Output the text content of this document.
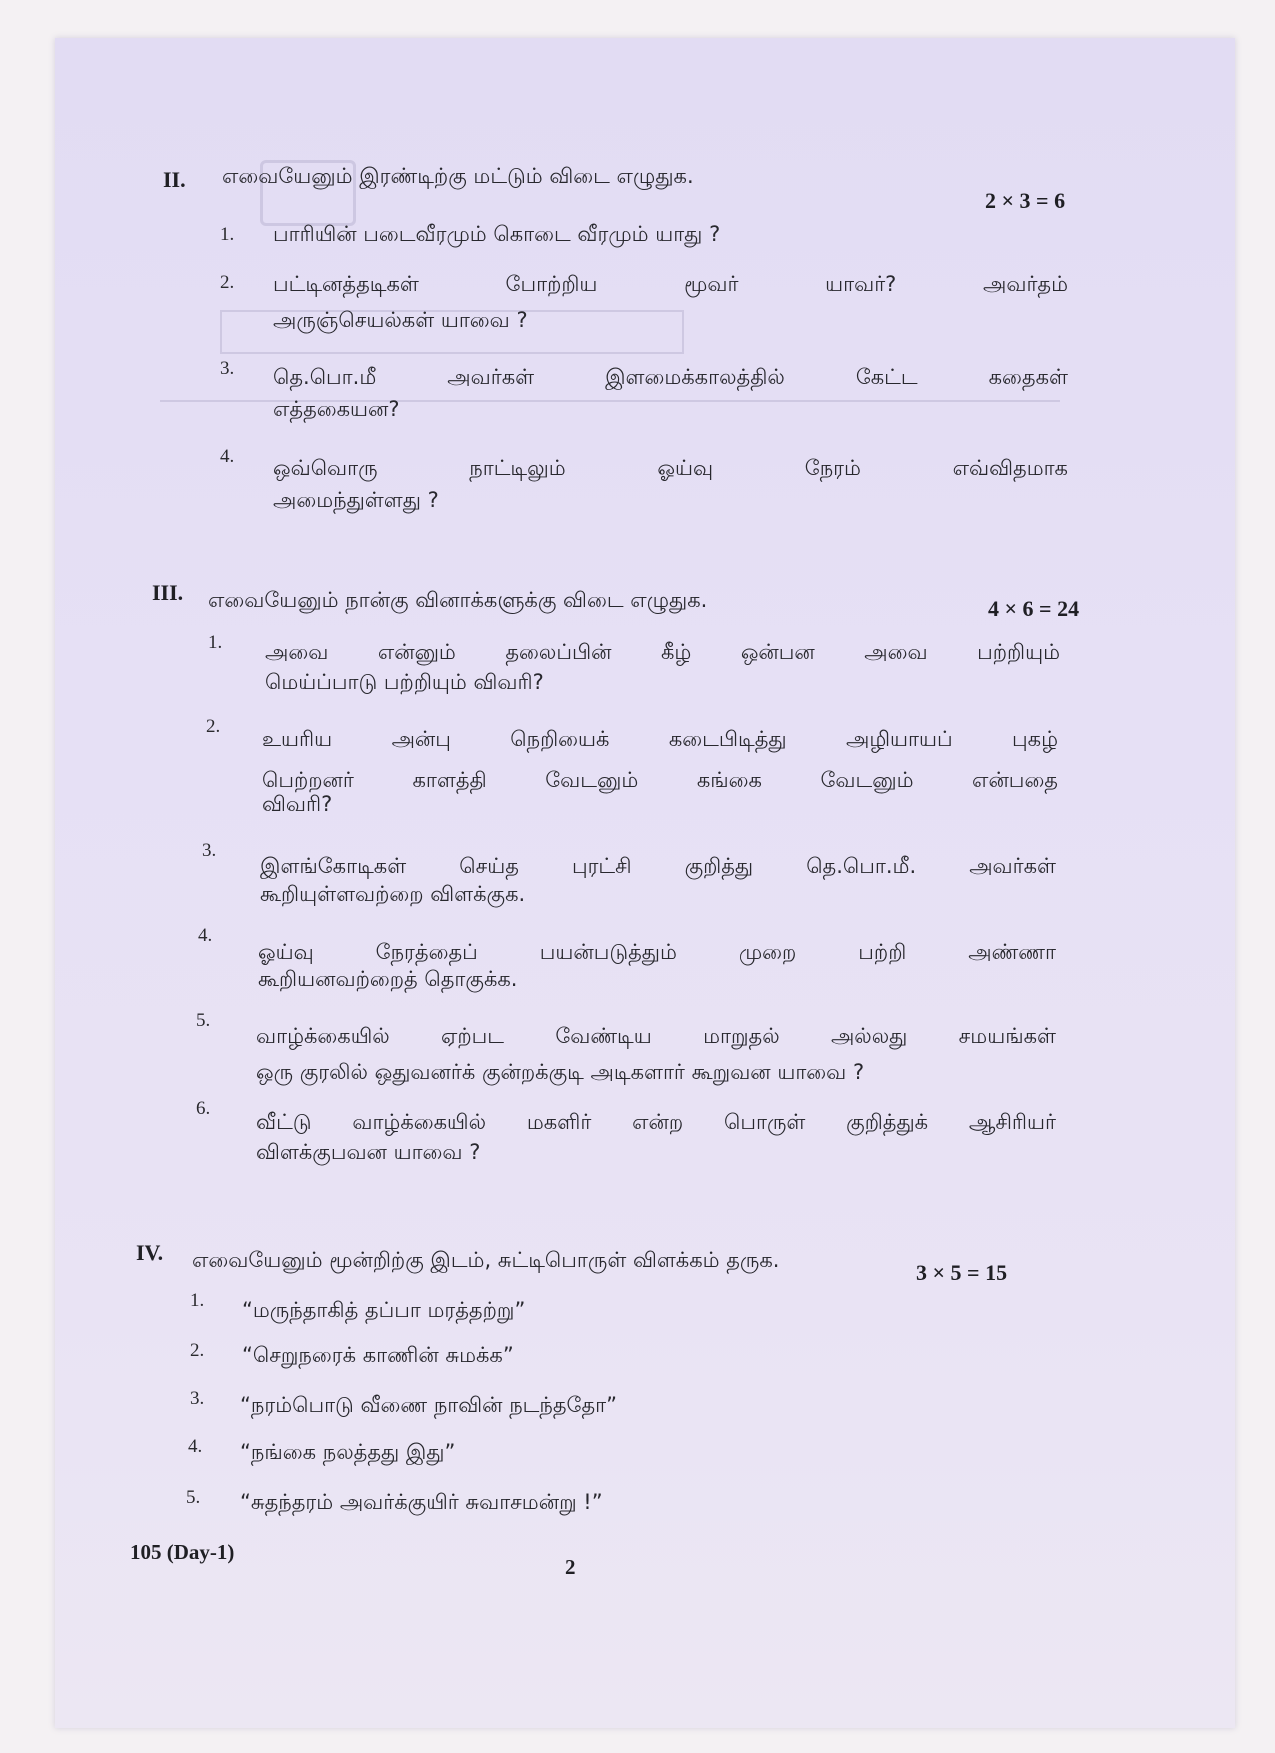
II. எவையேனும் இரண்டிற்கு மட்டும் விடை எழுதுக.
2 × 3 = 6
1. பாரியின் படைவீரமும் கொடை வீரமும் யாது ?
2. பட்டினத்தடிகள் போற்றிய மூவர் யாவர்? அவர்தம்
அருஞ்செயல்கள் யாவை ?
3. தெ.பொ.மீ அவர்கள் இளமைக்காலத்தில் கேட்ட கதைகள்
எத்தகையன?
4. ஒவ்வொரு நாட்டிலும் ஓய்வு நேரம் எவ்விதமாக
அமைந்துள்ளது ?
III. எவையேனும் நான்கு வினாக்களுக்கு விடை எழுதுக.	4 × 6 = 24
1. அவை என்னும் தலைப்பின் கீழ் ஒன்பன அவை பற்றியும்
மெய்ப்பாடு பற்றியும் விவரி?
2.
உயரிய அன்பு நெறியைக் கடைபிடித்து அழியாயப் புகழ்
பெற்றனர் காளத்தி வேடனும் கங்கை வேடனும் என்பதை
விவரி?
3.
இளங்கோடிகள் செய்த புரட்சி குறித்து தெ.பொ.மீ. அவர்கள்
கூறியுள்ளவற்றை விளக்குக.
4.
ஓய்வு நேரத்தைப் பயன்படுத்தும் முறை பற்றி அண்ணா
கூறியனவற்றைத் தொகுக்க.
5.
வாழ்க்கையில் ஏற்பட வேண்டிய மாறுதல் அல்லது சமயங்கள்
ஒரு குரலில் ஒதுவனர்க் குன்றக்குடி அடிகளார் கூறுவன யாவை ?
6.
வீட்டு வாழ்க்கையில் மகளிர் என்ற பொருள் குறித்துக் ஆசிரியர்
விளக்குபவன யாவை ?
IV. எவையேனும் மூன்றிற்கு இடம், சுட்டிபொருள் விளக்கம் தருக.	3 × 5 = 15
1. “மருந்தாகித் தப்பா மரத்தற்று”
2. “செறுநரைக் காணின் சுமக்க”
3. “நரம்பொடு வீணை நாவின் நடந்ததோ”
4. “நங்கை நலத்தது இது”
5. “சுதந்தரம் அவர்க்குயிர் சுவாசமன்று !”
105 (Day-1)
2
